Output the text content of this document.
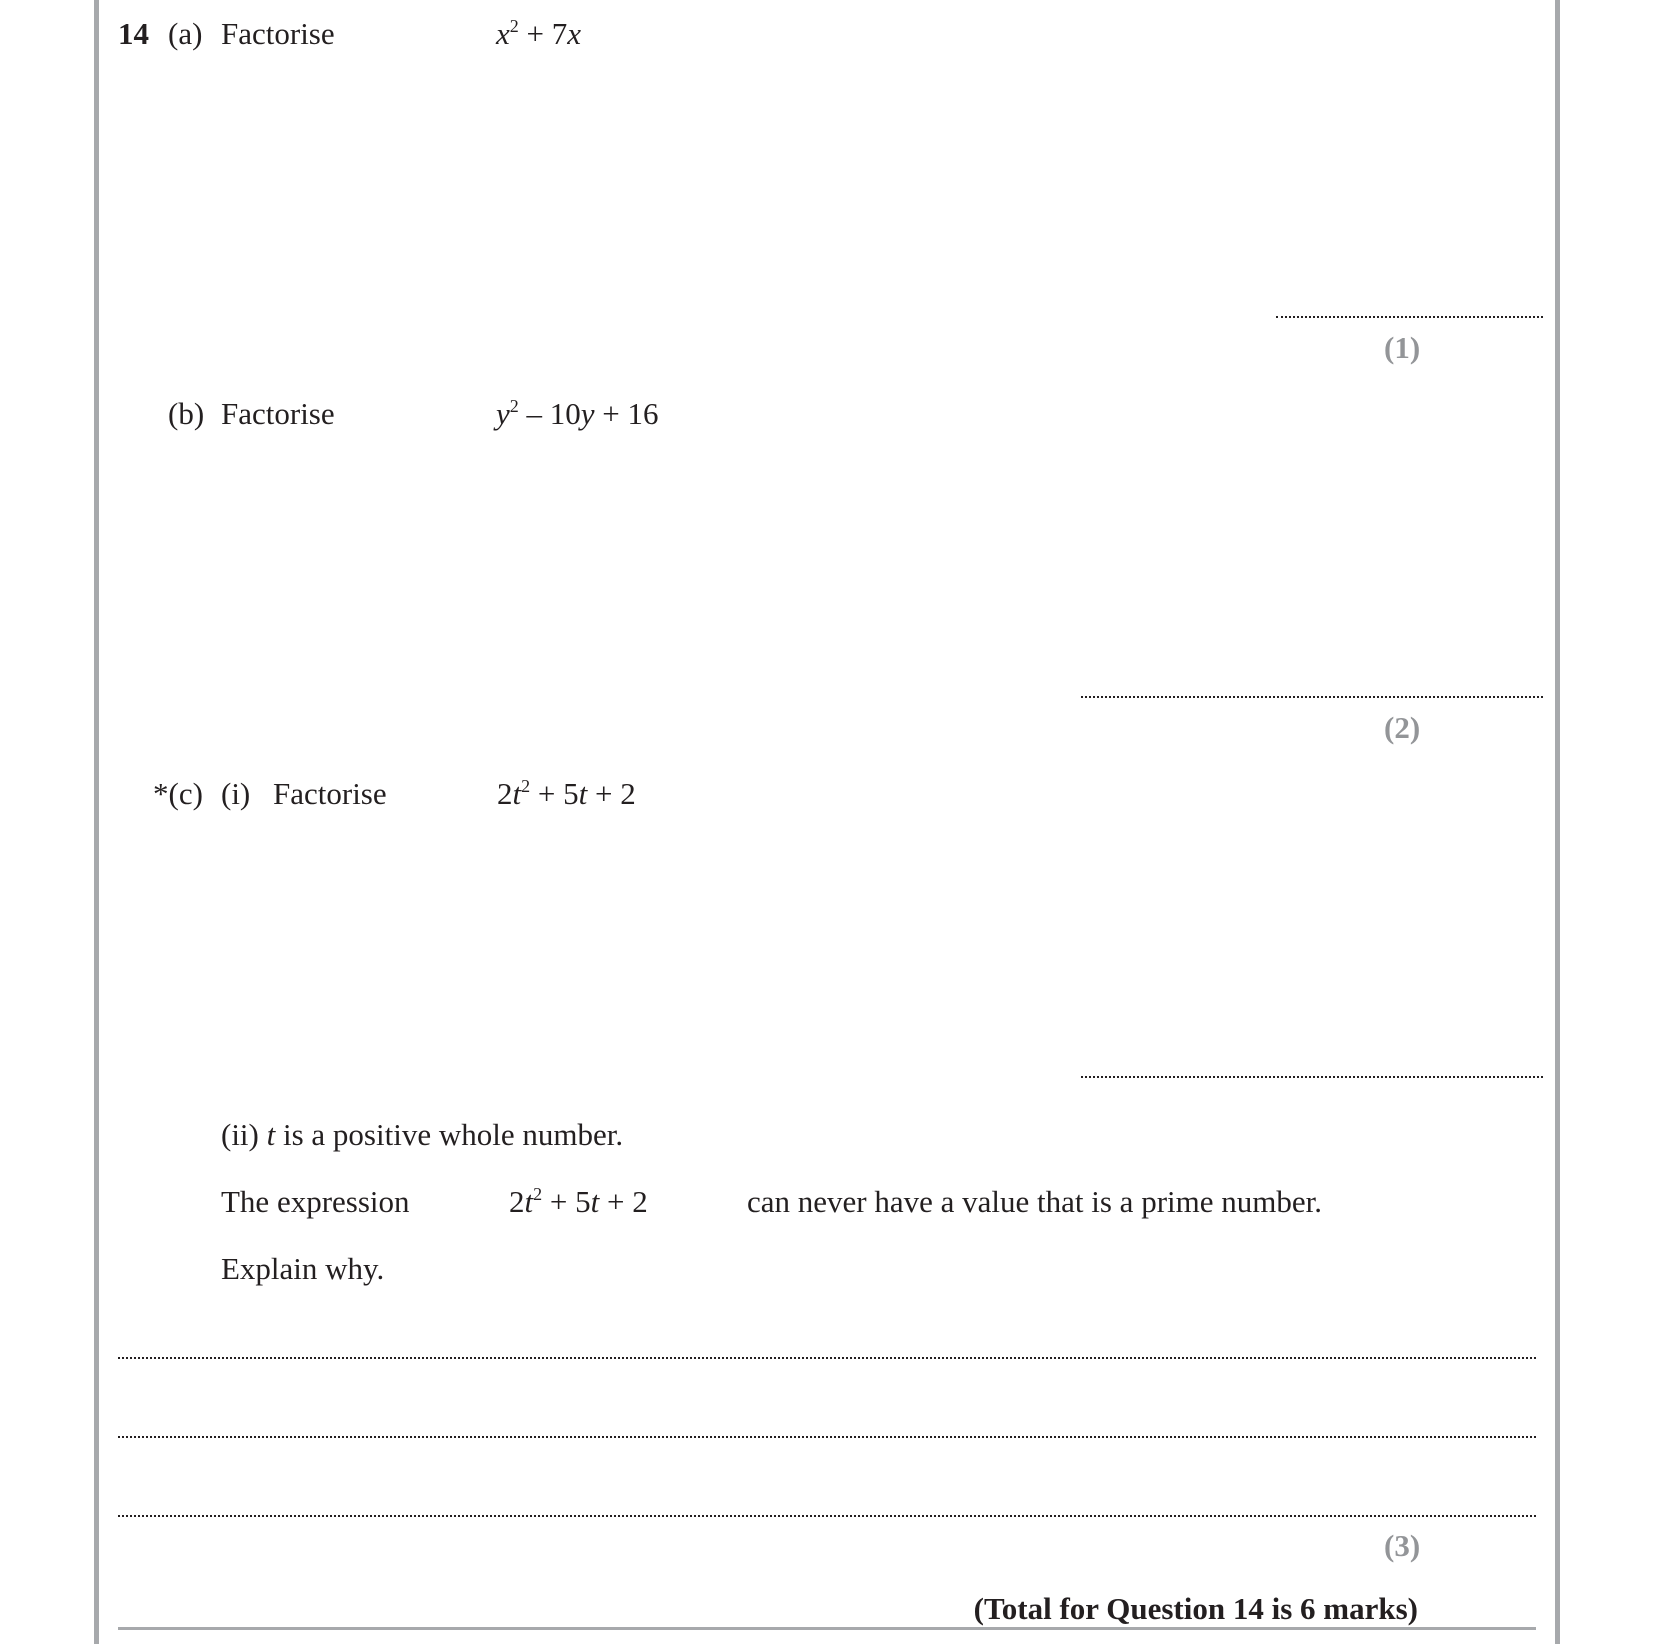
14 (a) Factorise	$x^2 + 7x$
(1)
(b) Factorise	$y^2 - 10y + 16$
(2)
*(c) (i) Factorise	$2t^2 + 5t + 2$
(ii) t is a positive whole number.
The expression	$2t^2 + 5t + 2$	can never have a value that is a prime number.
Explain why.
(3)
(Total for Question 14 is 6 marks)
